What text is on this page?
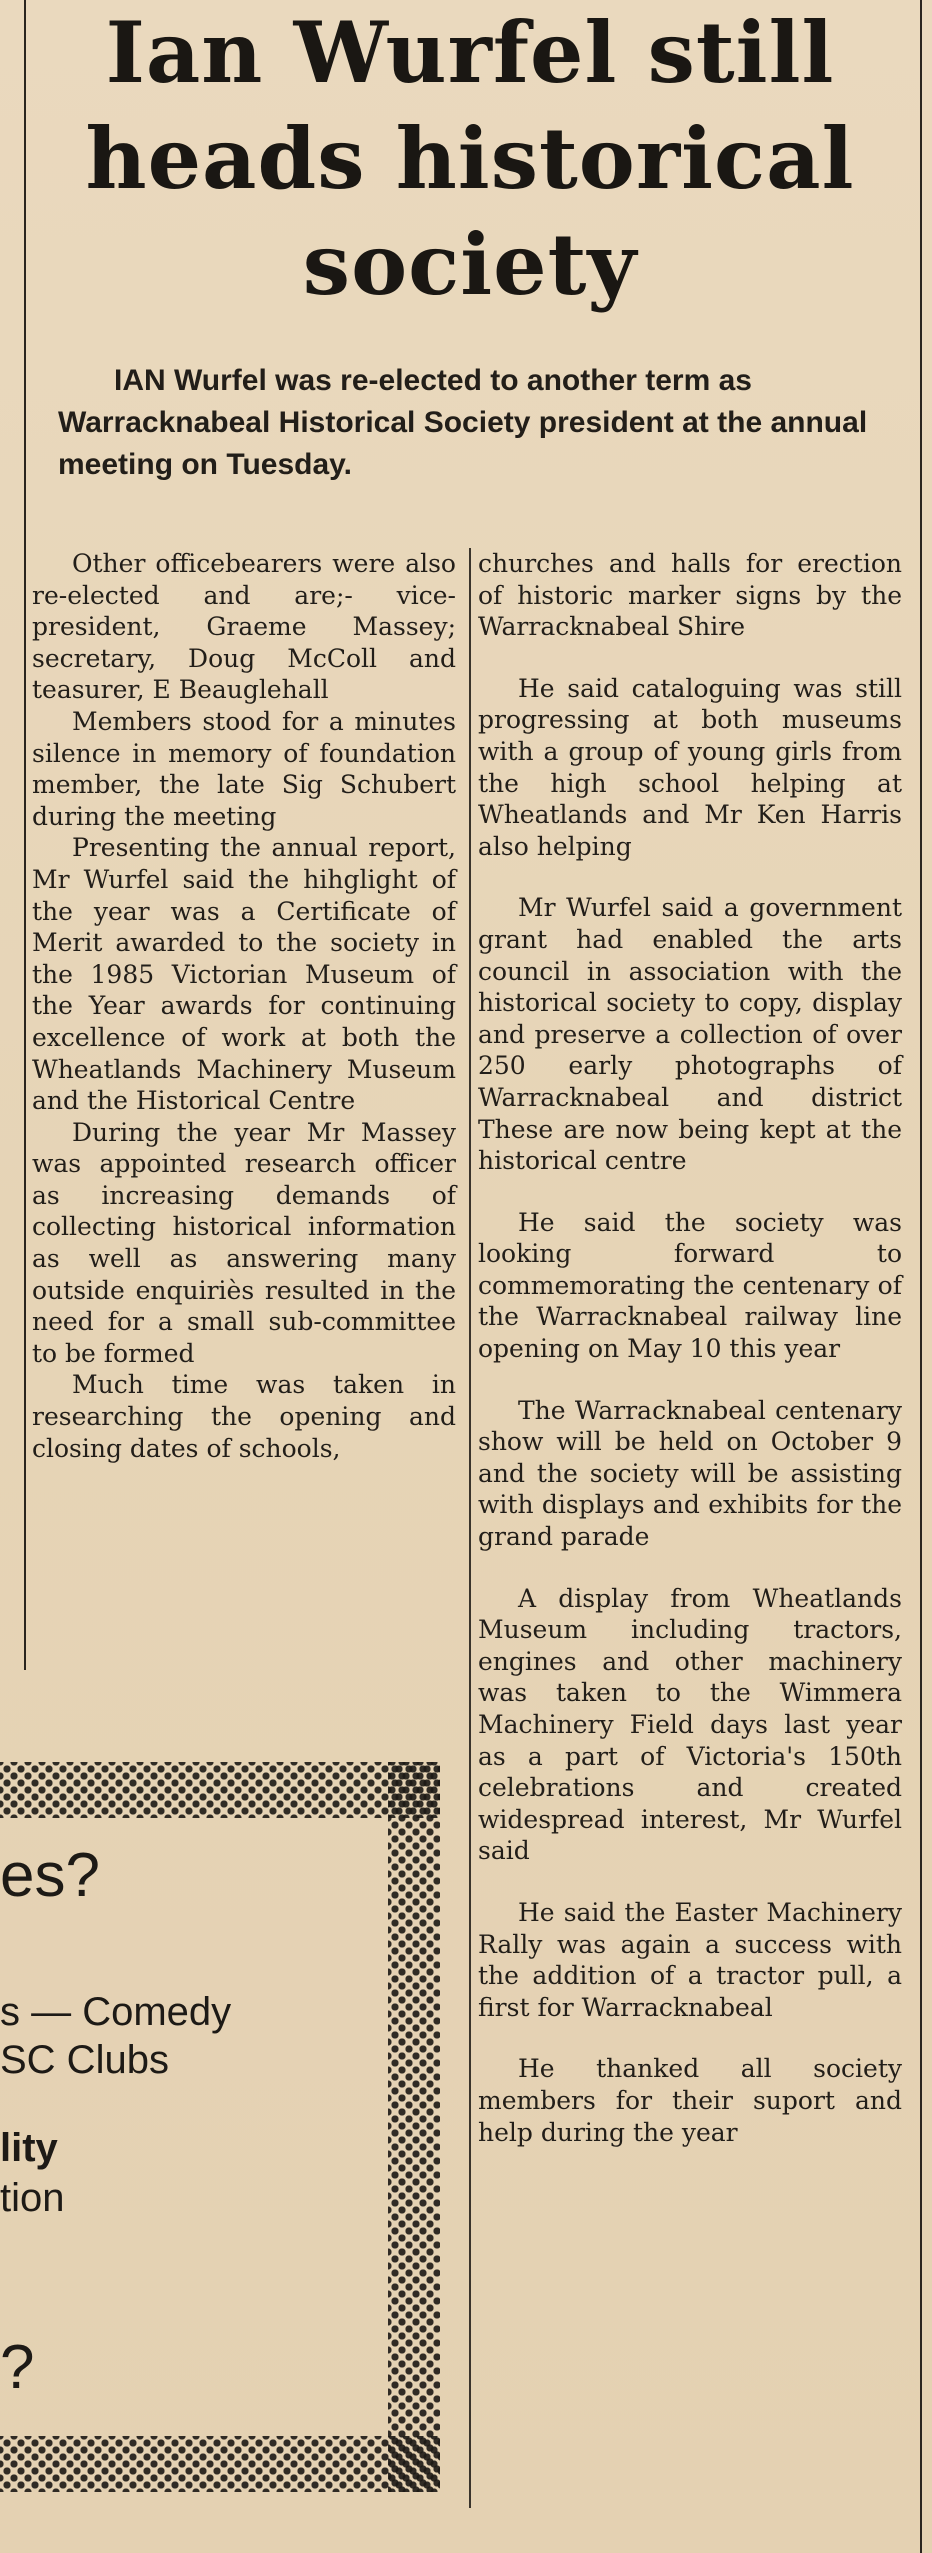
Ian Wurfel still
heads historical
society
IAN Wurfel was re-elected to another term as Warracknabeal Historical Society president at the annual meeting on Tuesday.

Other officebearers were also re-elected and are;- vice-president, Graeme Massey; secretary, Doug McColl and teasurer, E Beauglehall

Members stood for a minutes silence in memory of foundation member, the late Sig Schubert during the meeting

Presenting the annual report, Mr Wurfel said the hihglight of the year was a Certificate of Merit awarded to the society in the 1985 Victorian Museum of the Year awards for continuing excellence of work at both the Wheatlands Machinery Museum and the Historical Centre

During the year Mr Massey was appointed research officer as increasing demands of collecting historical information as well as answering many outside enquiriès resulted in the need for a small sub-committee to be formed

Much time was taken in researching the opening and closing dates of schools,

churches and halls for erection of historic marker signs by the Warracknabeal Shire

He said cataloguing was still progressing at both museums with a group of young girls from the high school helping at Wheatlands and Mr Ken Harris also helping

Mr Wurfel said a government grant had enabled the arts council in association with the historical society to copy, display and preserve a collection of over 250 early photographs of Warracknabeal and district These are now being kept at the historical centre

He said the society was looking forward to commemorating the centenary of the Warracknabeal railway line opening on May 10 this year

The Warracknabeal centenary show will be held on October 9 and the society will be assisting with displays and exhibits for the grand parade

A display from Wheatlands Museum including tractors, engines and other machinery was taken to the Wimmera Machinery Field days last year as a part of Victoria's 150th celebrations and created widespread interest, Mr Wurfel said

He said the Easter Machinery Rally was again a success with the addition of a tractor pull, a first for Warracknabeal

He thanked all society members for their suport and help during the year

es?
s — Comedy
SC Clubs
lity
tion
?
